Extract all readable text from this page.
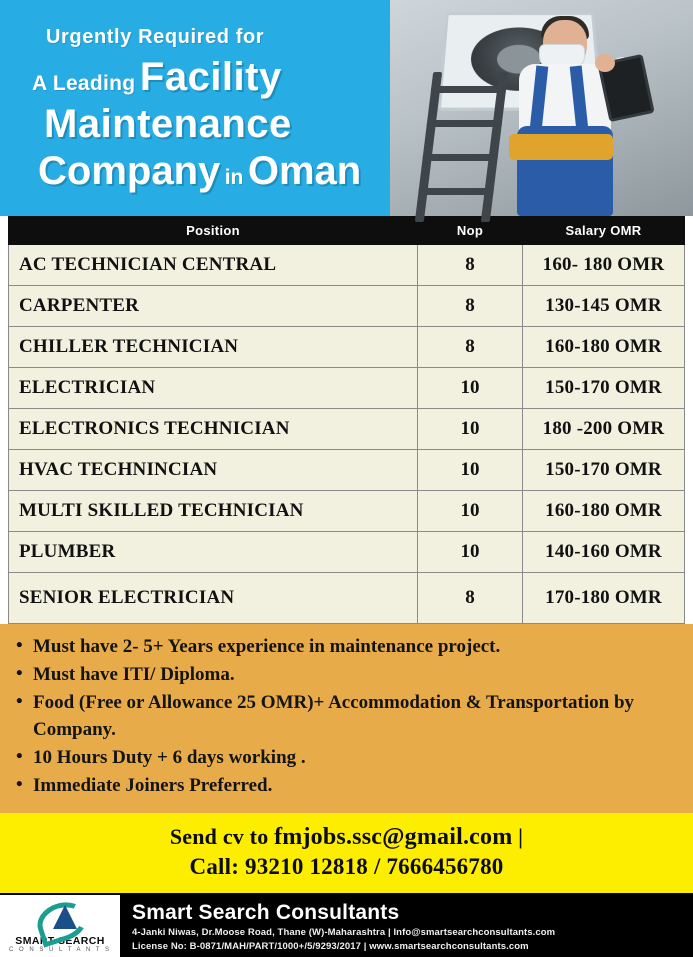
Urgently Required for
A Leading Facility
Maintenance
Company in Oman
Position	Nop	Salary OMR
AC TECHNICIAN CENTRAL	8	160- 180 OMR
CARPENTER	8	130-145 OMR
CHILLER TECHNICIAN	8	160-180 OMR
ELECTRICIAN	10	150-170 OMR
ELECTRONICS TECHNICIAN	10	180 -200 OMR
HVAC TECHNINCIAN	10	150-170 OMR
MULTI SKILLED TECHNICIAN	10	160-180 OMR
PLUMBER	10	140-160 OMR
SENIOR ELECTRICIAN	8	170-180 OMR
• Must have 2- 5+ Years experience in maintenance project.
• Must have ITI/ Diploma.
• Food (Free or Allowance 25 OMR)+ Accommodation & Transportation by Company.
• 10 Hours Duty + 6 days working .
• Immediate Joiners Preferred.
Send cv to fmjobs.ssc@gmail.com |
Call: 93210 12818 / 7666456780
SMART SEARCH
C O N S U L T A N T S
Smart Search Consultants
4-Janki Niwas, Dr.Moose Road, Thane (W)-Maharashtra | Info@smartsearchconsultants.com
License No: B-0871/MAH/PART/1000+/5/9293/2017 | www.smartsearchconsultants.com
